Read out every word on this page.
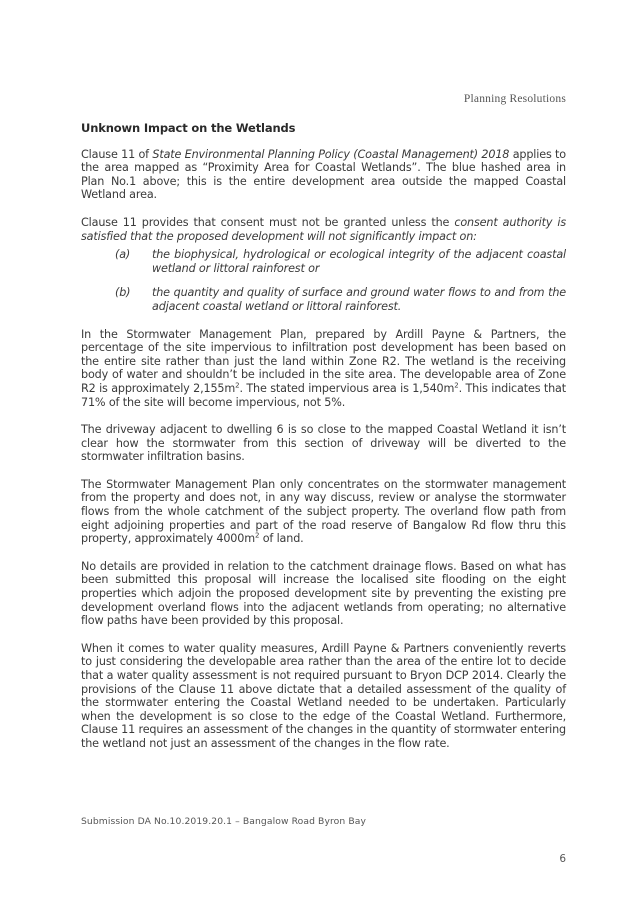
Planning Resolutions
Unknown Impact on the Wetlands

Clause 11 of State Environmental Planning Policy (Coastal Management) 2018 applies to the area mapped as “Proximity Area for Coastal Wetlands”. The blue hashed area in Plan No.1 above; this is the entire development area outside the mapped Coastal Wetland area.

Clause 11 provides that consent must not be granted unless the consent authority is satisfied that the proposed development will not significantly impact on:

(a)	the biophysical, hydrological or ecological integrity of the adjacent coastal wetland or littoral rainforest or
(b)	the quantity and quality of surface and ground water flows to and from the adjacent coastal wetland or littoral rainforest.

In the Stormwater Management Plan, prepared by Ardill Payne & Partners, the percentage of the site impervious to infiltration post development has been based on the entire site rather than just the land within Zone R2. The wetland is the receiving body of water and shouldn’t be included in the site area. The developable area of Zone R2 is approximately $2,155m^2$. The stated impervious area is $1,540m^2$. This indicates that 71% of the site will become impervious, not 5%.

The driveway adjacent to dwelling 6 is so close to the mapped Coastal Wetland it isn’t clear how the stormwater from this section of driveway will be diverted to the stormwater infiltration basins.

The Stormwater Management Plan only concentrates on the stormwater management from the property and does not, in any way discuss, review or analyse the stormwater flows from the whole catchment of the subject property. The overland flow path from eight adjoining properties and part of the road reserve of Bangalow Rd flow thru this property, approximately $4000m^2$ of land.

No details are provided in relation to the catchment drainage flows. Based on what has been submitted this proposal will increase the localised site flooding on the eight properties which adjoin the proposed development site by preventing the existing pre development overland flows into the adjacent wetlands from operating; no alternative flow paths have been provided by this proposal.

When it comes to water quality measures, Ardill Payne & Partners conveniently reverts to just considering the developable area rather than the area of the entire lot to decide that a water quality assessment is not required pursuant to Bryon DCP 2014. Clearly the provisions of the Clause 11 above dictate that a detailed assessment of the quality of the stormwater entering the Coastal Wetland needed to be undertaken. Particularly when the development is so close to the edge of the Coastal Wetland. Furthermore, Clause 11 requires an assessment of the changes in the quantity of stormwater entering the wetland not just an assessment of the changes in the flow rate.

Submission DA No.10.2019.20.1 – Bangalow Road Byron Bay
6
